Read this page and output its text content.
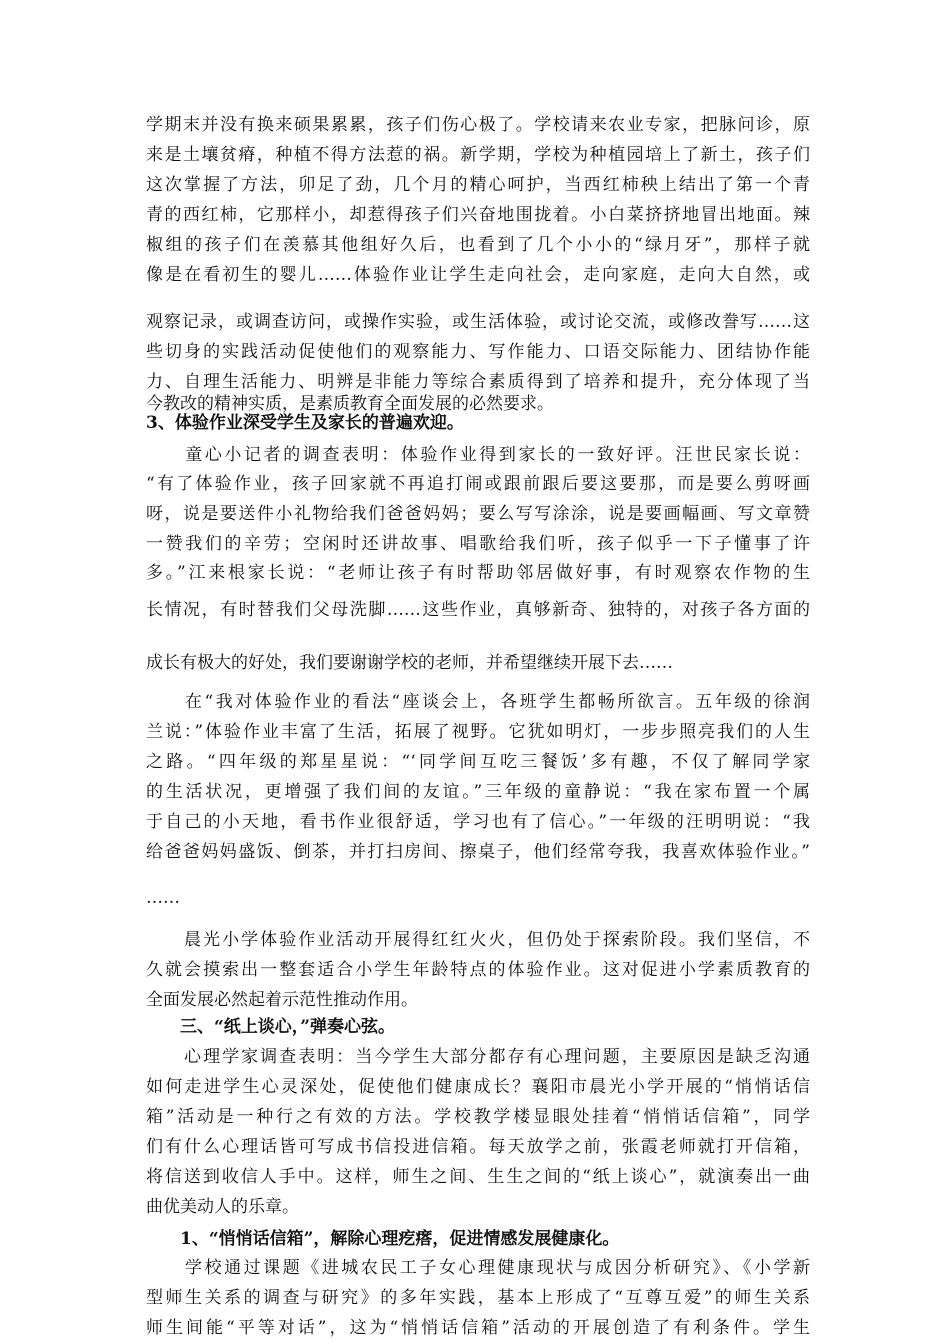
学期末并没有换来硕果累累，孩子们伤心极了。学校请来农业专家，把脉问诊，原
来是土壤贫瘠，种植不得方法惹的祸。新学期，学校为种植园培上了新土，孩子们
这次掌握了方法，卯足了劲，几个月的精心呵护，当西红柿秧上结出了第一个青
青的西红柿，它那样小，却惹得孩子们兴奋地围拢着。小白菜挤挤地冒出地面。辣
椒组的孩子们在羡慕其他组好久后，也看到了几个小小的“绿月牙”，那样子就
像是在看初生的婴儿……体验作业让学生走向社会，走向家庭，走向大自然，或
观察记录，或调查访问，或操作实验，或生活体验，或讨论交流，或修改誊写……这
些切身的实践活动促使他们的观察能力、写作能力、口语交际能力、团结协作能
力、自理生活能力、明辨是非能力等综合素质得到了培养和提升，充分体现了当
今教改的精神实质，是素质教育全面发展的必然要求。
3、体验作业深受学生及家长的普遍欢迎。
　　童心小记者的调查表明：体验作业得到家长的一致好评。汪世民家长说：
“有了体验作业，孩子回家就不再追打闹或跟前跟后要这要那，而是要么剪呀画
呀，说是要送件小礼物给我们爸爸妈妈；要么写写涂涂，说是要画幅画、写文章赞
一赞我们的辛劳；空闲时还讲故事、唱歌给我们听，孩子似乎一下子懂事了许
多。”江来根家长说：“老师让孩子有时帮助邻居做好事，有时观察农作物的生
长情况，有时替我们父母洗脚……这些作业，真够新奇、独特的，对孩子各方面的
成长有极大的好处，我们要谢谢学校的老师，并希望继续开展下去……
　　在“我对体验作业的看法“座谈会上，各班学生都畅所欲言。五年级的徐润
兰说：”体验作业丰富了生活，拓展了视野。它犹如明灯，一步步照亮我们的人生
之路。“四年级的郑星星说：“‘同学间互吃三餐饭’多有趣，不仅了解同学家
的生活状况，更增强了我们间的友谊。”三年级的童静说：“我在家布置一个属
于自己的小天地，看书作业很舒适，学习也有了信心。”一年级的汪明明说：“我
给爸爸妈妈盛饭、倒茶，并打扫房间、擦桌子，他们经常夸我，我喜欢体验作业。”
……
　　晨光小学体验作业活动开展得红红火火，但仍处于探索阶段。我们坚信，不
久就会摸索出一整套适合小学生年龄特点的体验作业。这对促进小学素质教育的
全面发展必然起着示范性推动作用。
　　三、“纸上谈心，”弹奏心弦。
　　心理学家调查表明：当今学生大部分都存有心理问题，主要原因是缺乏沟通
如何走进学生心灵深处，促使他们健康成长？襄阳市晨光小学开展的“悄悄话信
箱”活动是一种行之有效的方法。学校教学楼显眼处挂着“悄悄话信箱”，同学
们有什么心理话皆可写成书信投进信箱。每天放学之前，张霞老师就打开信箱，
将信送到收信人手中。这样，师生之间、生生之间的“纸上谈心”，就演奏出一曲
曲优美动人的乐章。
　　1、“悄悄话信箱”，解除心理疙瘩，促进情感发展健康化。
　　学校通过课题《进城农民工子女心理健康现状与成因分析研究》、《小学新
型师生关系的调查与研究》的多年实践，基本上形成了“互尊互爱”的师生关系
师生间能“平等对话”，这为“悄悄话信箱”活动的开展创造了有利条件。学生
